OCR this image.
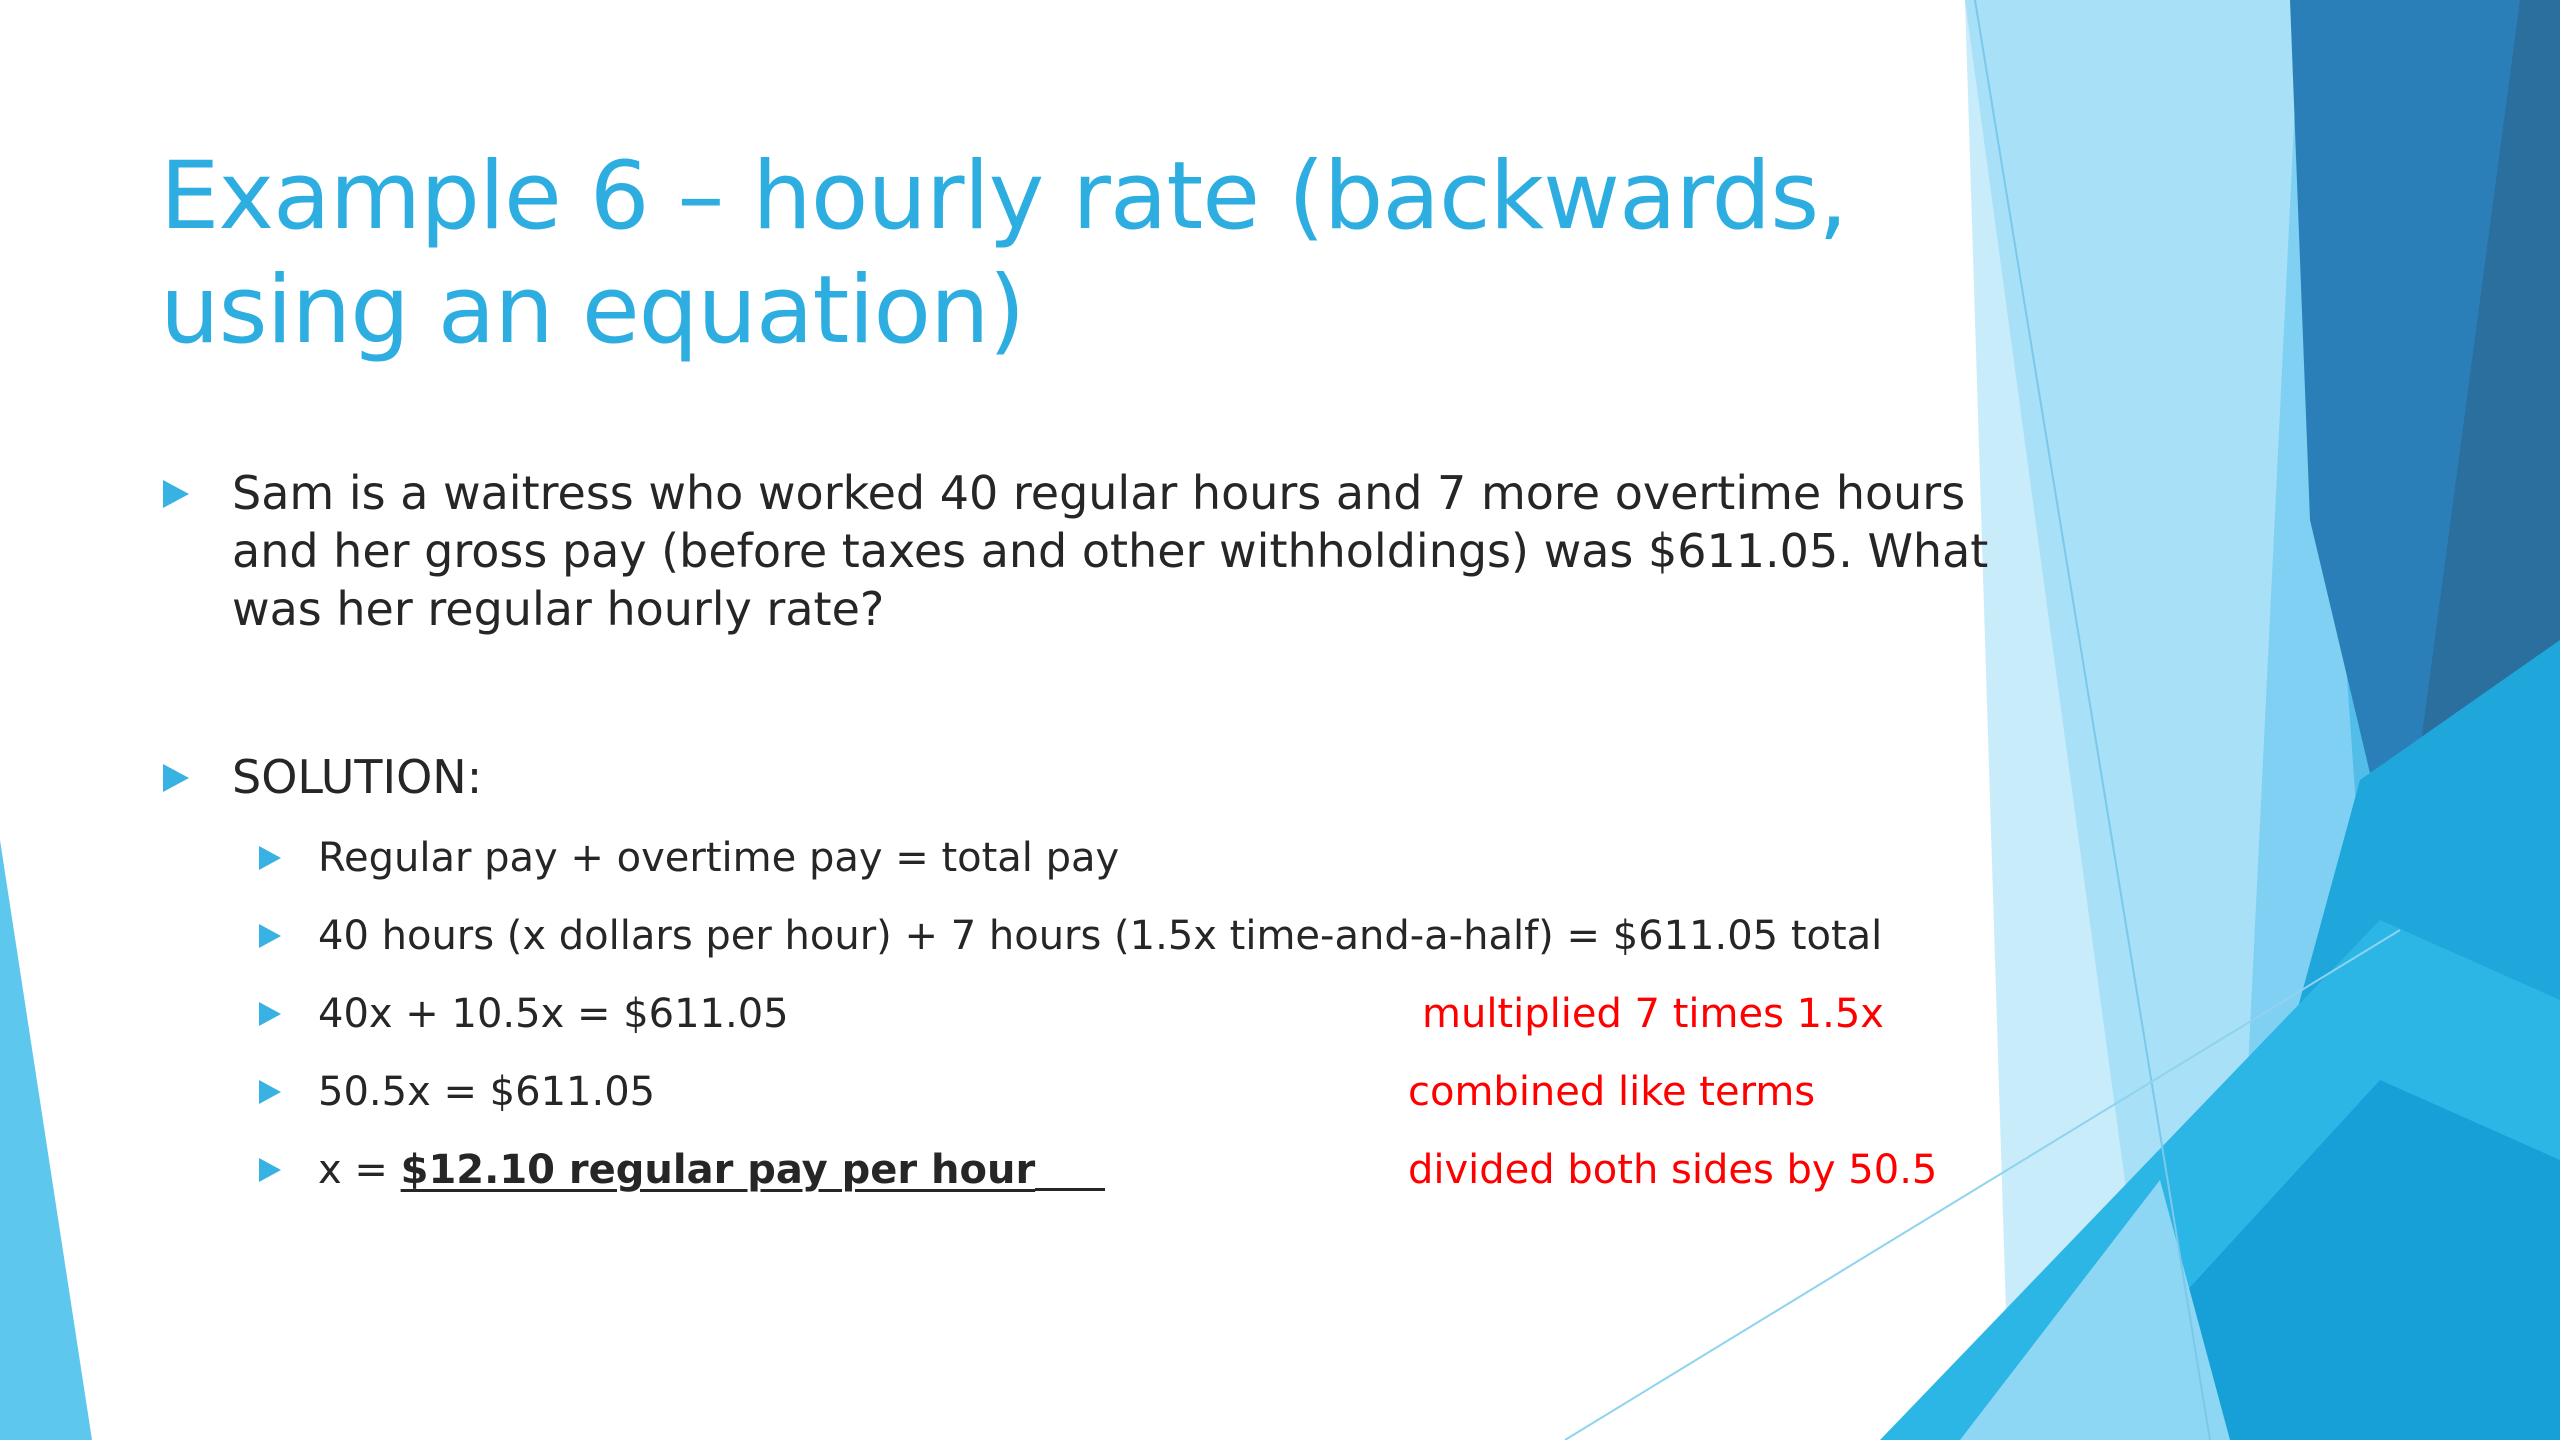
Example 6 – hourly rate (backwards, using an equation)
Sam is a waitress who worked 40 regular hours and 7 more overtime hours and her gross pay (before taxes and other withholdings) was $611.05. What was her regular hourly rate?
SOLUTION:
Regular pay + overtime pay = total pay
40 hours (x dollars per hour) + 7 hours (1.5x time-and-a-half) = $611.05 total
40x + 10.5x = $611.05	multiplied 7 times 1.5x
50.5x = $611.05	combined like terms
x = $12.10 regular pay per hour	divided both sides by 50.5
